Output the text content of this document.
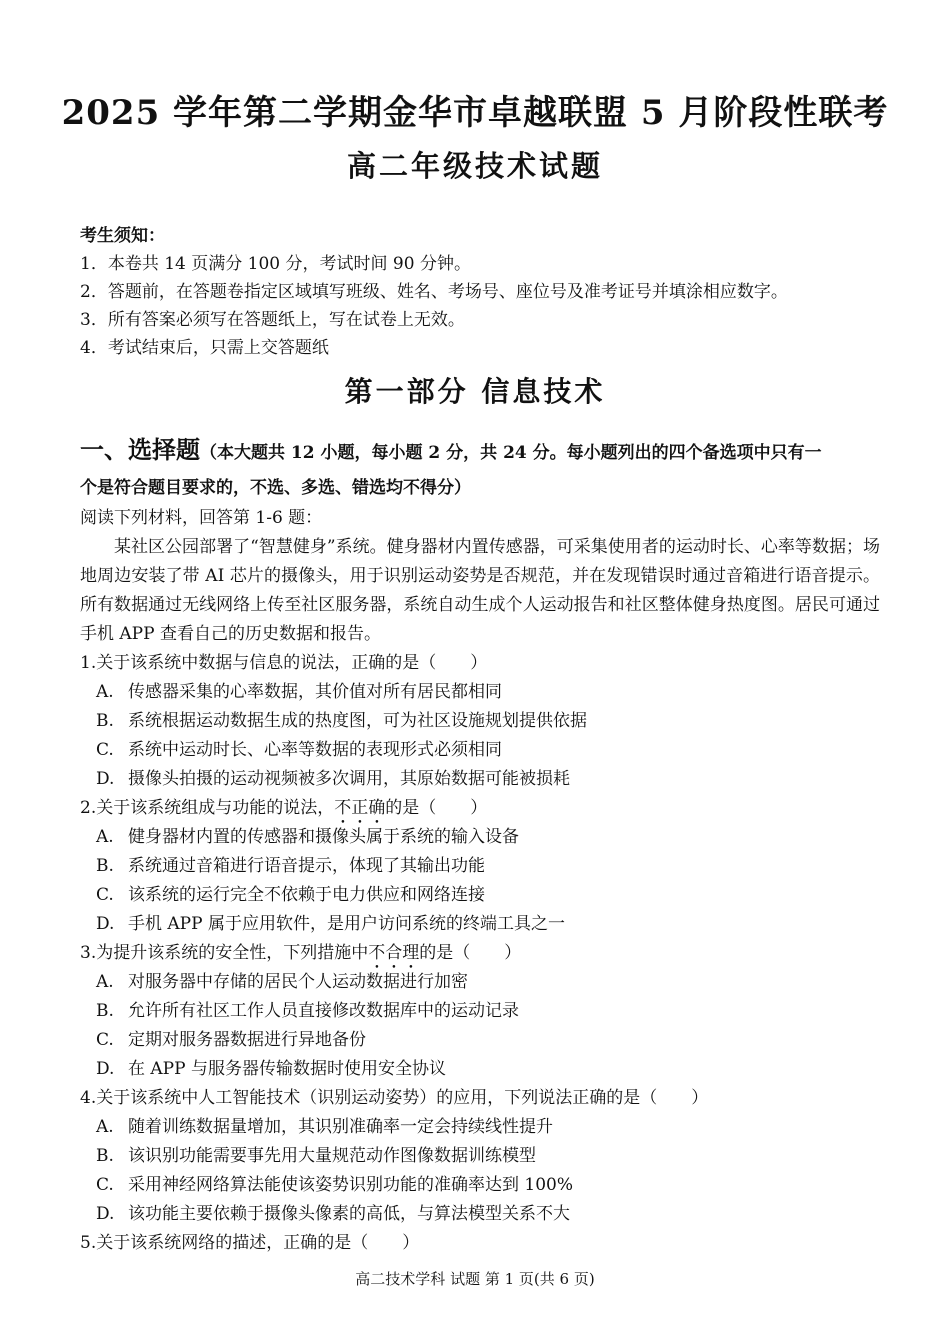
2025 学年第二学期金华市卓越联盟 5 月阶段性联考
高二年级技术试题
考生须知：
1．本卷共 14 页满分 100 分，考试时间 90 分钟。
2．答题前，在答题卷指定区域填写班级、姓名、考场号、座位号及准考证号并填涂相应数字。
3．所有答案必须写在答题纸上，写在试卷上无效。
4．考试结束后，只需上交答题纸
第一部分 信息技术
一、选择题（本大题共 12 小题，每小题 2 分，共 24 分。每小题列出的四个备选项中只有一
个是符合题目要求的，不选、多选、错选均不得分）
阅读下列材料，回答第 1-6 题：
某社区公园部署了“智慧健身”系统。健身器材内置传感器，可采集使用者的运动时长、心率等数据；场地周边安装了带 AI 芯片的摄像头，用于识别运动姿势是否规范，并在发现错误时通过音箱进行语音提示。所有数据通过无线网络上传至社区服务器，系统自动生成个人运动报告和社区整体健身热度图。居民可通过手机 APP 查看自己的历史数据和报告。
1.关于该系统中数据与信息的说法，正确的是（　　 ）
A. 传感器采集的心率数据，其价值对所有居民都相同
B. 系统根据运动数据生成的热度图，可为社区设施规划提供依据
C. 系统中运动时长、心率等数据的表现形式必须相同
D. 摄像头拍摄的运动视频被多次调用，其原始数据可能被损耗
2.关于该系统组成与功能的说法，不正确的是（　　 ）
A. 健身器材内置的传感器和摄像头属于系统的输入设备
B. 系统通过音箱进行语音提示，体现了其输出功能
C. 该系统的运行完全不依赖于电力供应和网络连接
D. 手机 APP 属于应用软件，是用户访问系统的终端工具之一
3.为提升该系统的安全性，下列措施中不合理的是（　　 ）
A. 对服务器中存储的居民个人运动数据进行加密
B. 允许所有社区工作人员直接修改数据库中的运动记录
C. 定期对服务器数据进行异地备份
D. 在 APP 与服务器传输数据时使用安全协议
4.关于该系统中人工智能技术（识别运动姿势）的应用，下列说法正确的是（　　 ）
A. 随着训练数据量增加，其识别准确率一定会持续线性提升
B. 该识别功能需要事先用大量规范动作图像数据训练模型
C. 采用神经网络算法能使该姿势识别功能的准确率达到 100%
D. 该功能主要依赖于摄像头像素的高低，与算法模型关系不大
5.关于该系统网络的描述，正确的是（　　 ）
高二技术学科 试题 第 1 页(共 6 页)
